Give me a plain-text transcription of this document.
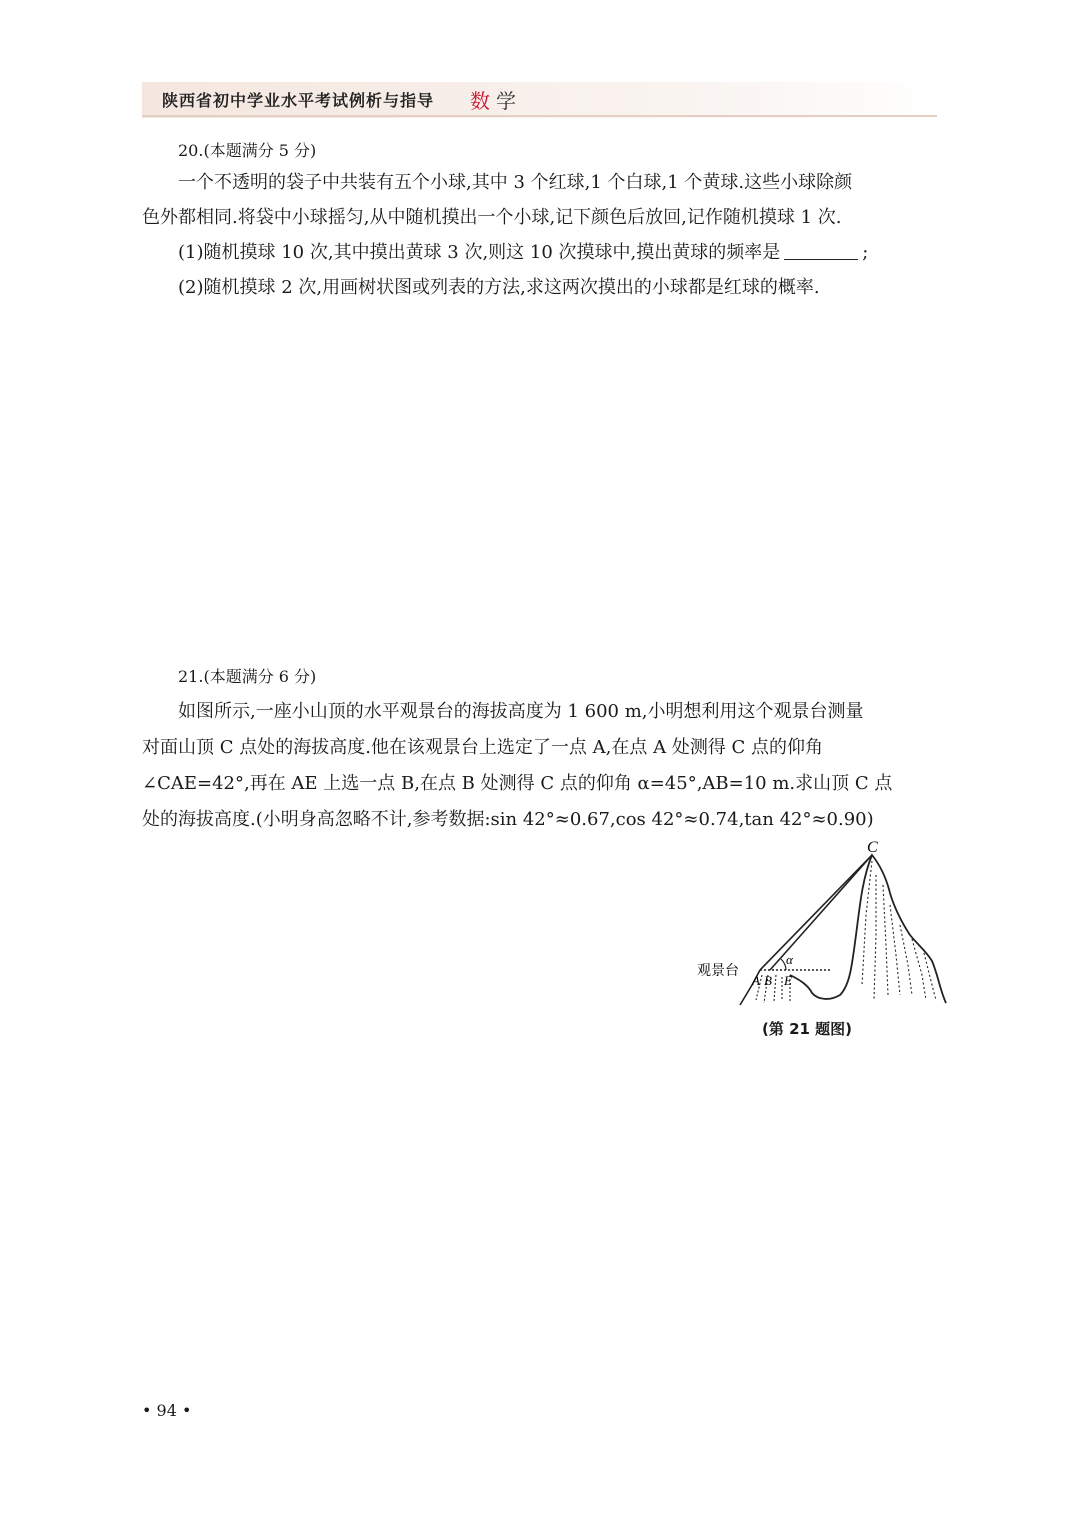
陕西省初中学业水平考试例析与指导 数学
20.(本题满分 5 分)
一个不透明的袋子中共装有五个小球,其中 3 个红球,1 个白球,1 个黄球.这些小球除颜
色外都相同.将袋中小球摇匀,从中随机摸出一个小球,记下颜色后放回,记作随机摸球 1 次.
(1)随机摸球 10 次,其中摸出黄球 3 次,则这 10 次摸球中,摸出黄球的频率是	;
(2)随机摸球 2 次,用画树状图或列表的方法,求这两次摸出的小球都是红球的概率.
21.(本题满分 6 分)
如图所示,一座小山顶的水平观景台的海拔高度为 1 600 m,小明想利用这个观景台测量
对面山顶 C 点处的海拔高度.他在该观景台上选定了一点 A,在点 A 处测得 C 点的仰角
∠CAE=42°,再在 AE 上选一点 B,在点 B 处测得 C 点的仰角 α=45°,AB=10 m.求山顶 C 点
处的海拔高度.(小明身高忽略不计,参考数据:sin 42°≈0.67,cos 42°≈0.74,tan 42°≈0.90)
C
观景台
A B E
α
(第 21 题图)
• 94 •
